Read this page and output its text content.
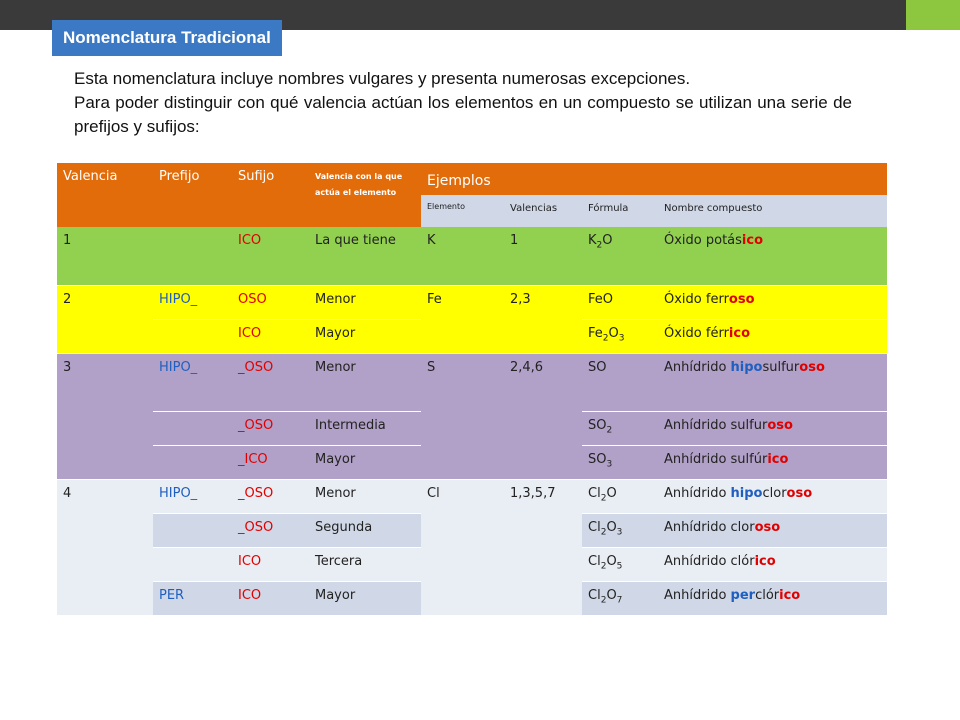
Nomenclatura Tradicional

Esta nomenclatura incluye nombres vulgares y presenta numerosas excepciones.

Para poder distinguir con qué valencia actúan los elementos en un compuesto se utilizan una serie de prefijos y sufijos:

Valencia	Prefijo	Sufijo	Valencia con la que actúa el elemento	Ejemplos			
				Elemento	Valencias	Fórmula	Nombre compuesto
1		ICO	La que tiene	K	1	$K_2O$	Óxido potásico
2	HIPO_	OSO	Menor	Fe	2,3	FeO	Óxido ferroso
		ICO	Mayor			$Fe_2O_3$	Óxido férrico
3	HIPO_	_OSO	Menor	S	2,4,6	SO	Anhídrido hiposulfuroso
		_OSO	Intermedia			$SO_2$	Anhídrido sulfuroso
		_ICO	Mayor			$SO_3$	Anhídrido sulfúrico
4	HIPO_	_OSO	Menor	Cl	1,3,5,7	$Cl_2O$	Anhídrido hipocloroso
		_OSO	Segunda			$Cl_2O_3$	Anhídrido cloroso
		ICO	Tercera			$Cl_2O_5$	Anhídrido clórico
	PER	ICO	Mayor			$Cl_2O_7$	Anhídrido perclórico
